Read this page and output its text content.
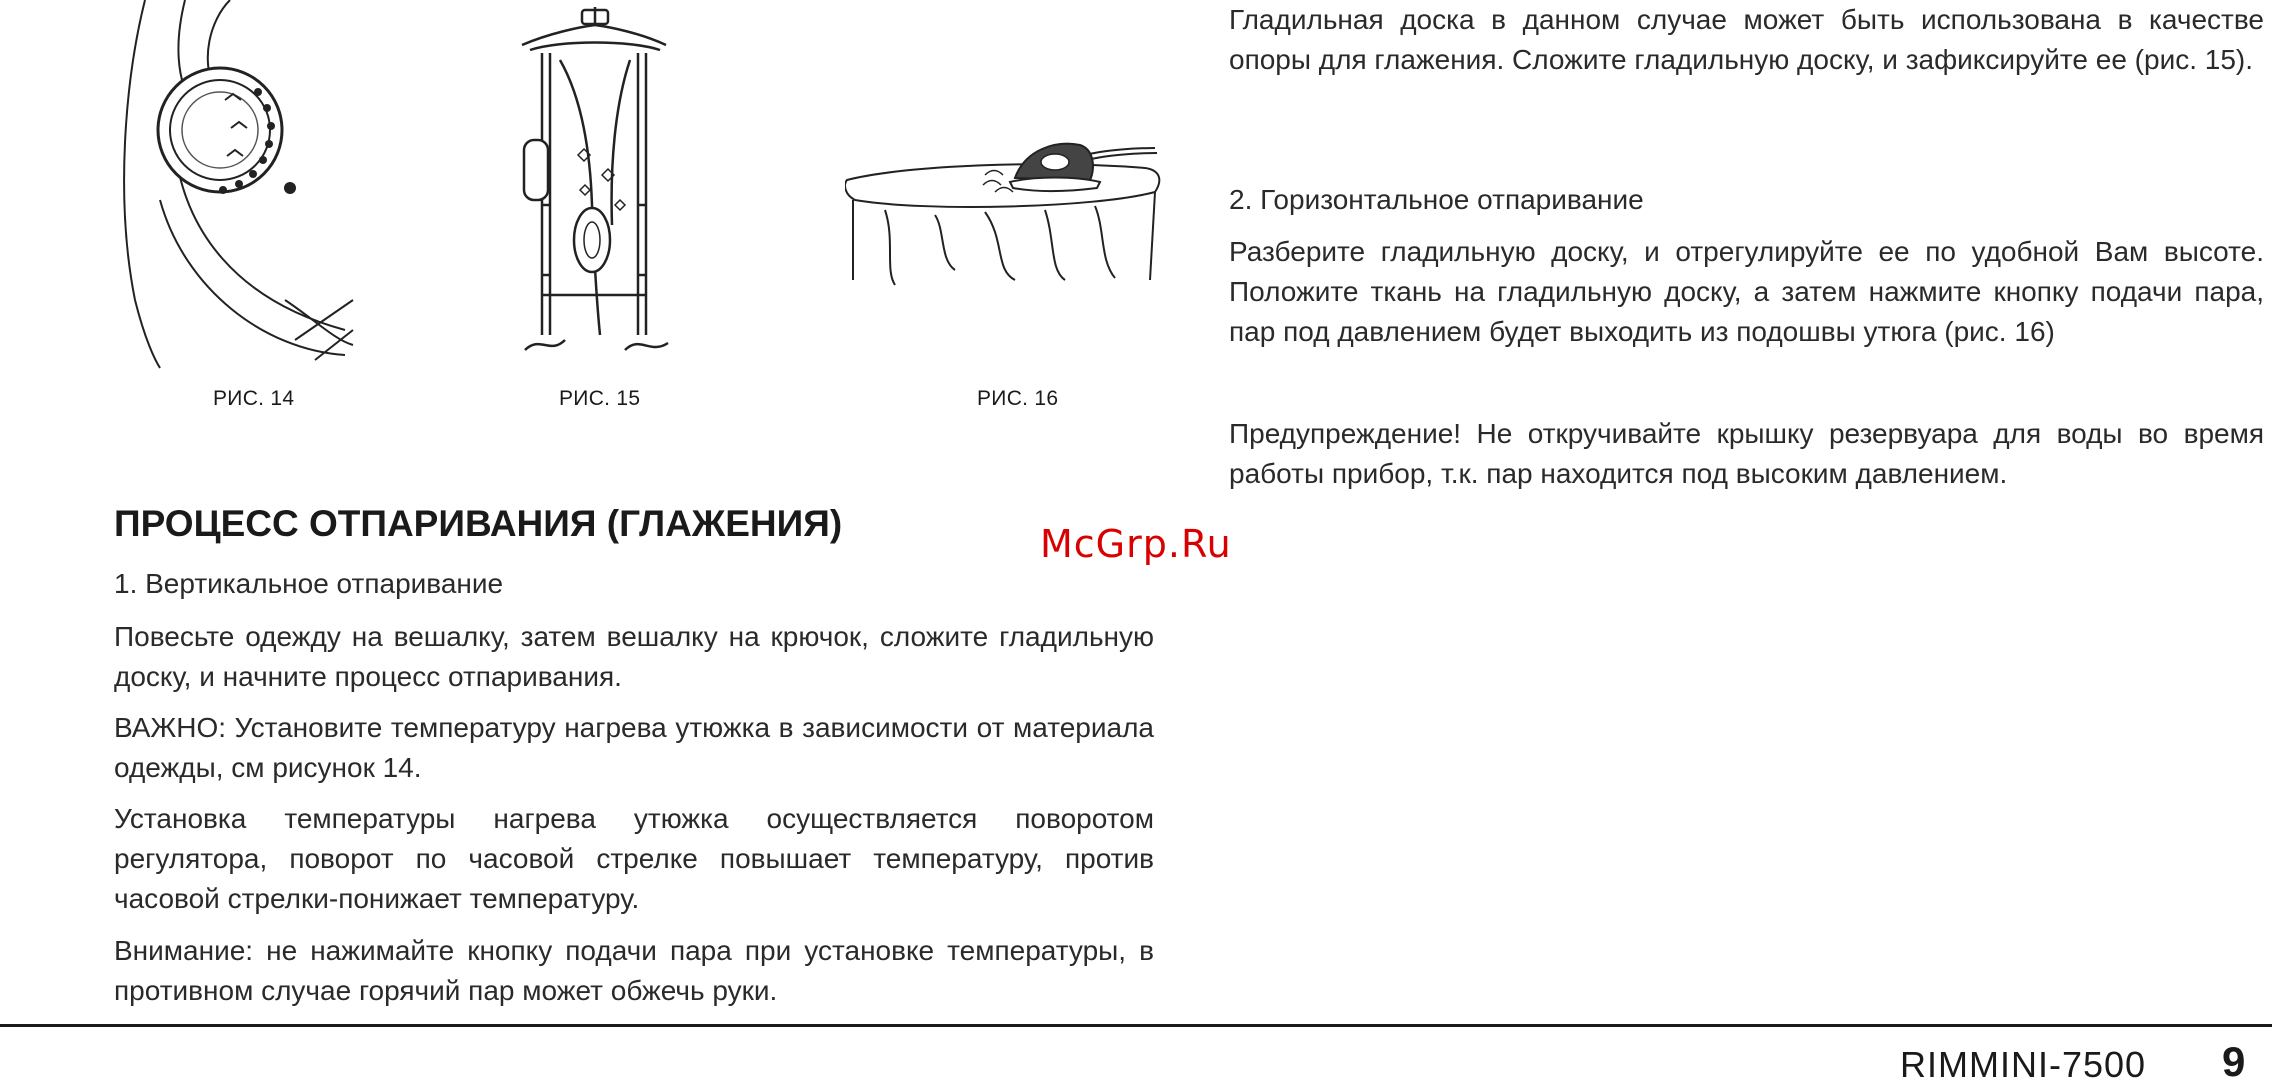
РИС. 14	РИС. 15	РИС. 16
ПРОЦЕСС ОТПАРИВАНИЯ (ГЛАЖЕНИЯ)
1. Вертикальное отпаривание
Повесьте одежду на вешалку, затем вешалку на крючок, сложите гладильную доску, и начните процесс отпаривания.
ВАЖНО: Установите температуру нагрева утюжка в зависимости от материала одежды, см рисунок 14.
Установка температуры нагрева утюжка осуществляется поворотом регулятора, поворот по часовой стрелке повышает температуру, против часовой стрелки-понижает температуру.
Внимание: не нажимайте кнопку подачи пара при установке температуры, в противном случае горячий пар может обжечь руки.
McGrp.Ru
Гладильная доска в данном случае может быть использована в качестве опоры для глажения. Сложите гладильную доску, и зафиксируйте ее (рис. 15).
2. Горизонтальное отпаривание
Разберите гладильную доску, и отрегулируйте ее по удобной Вам высоте. Положите ткань на гладильную доску, а затем нажмите кнопку подачи пара, пар под давлением будет выходить из подошвы утюга (рис. 16)
Предупреждение! Не откручивайте крышку резервуара для воды во время работы прибор, т.к. пар находится под высоким давлением.
RIMMINI-7500 9
